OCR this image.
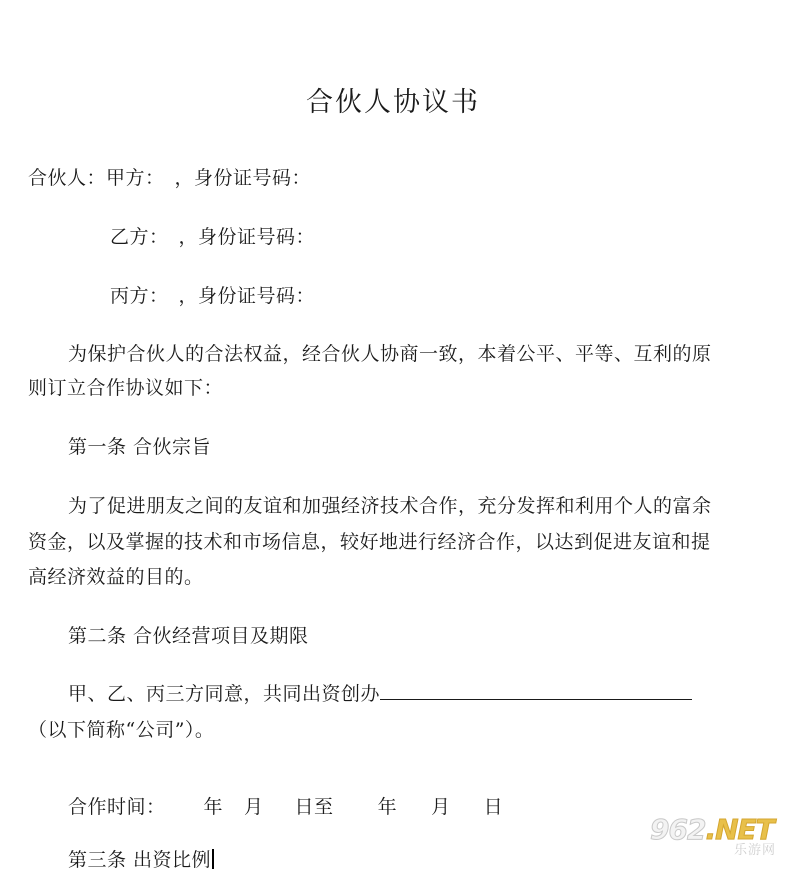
合伙人协议书
合伙人：甲方： ，身份证号码：
乙方： ，身份证号码：
丙方： ，身份证号码：
为保护合伙人的合法权益，经合伙人协商一致，本着公平、平等、互利的原
则订立合作协议如下：
第一条 合伙宗旨
为了促进朋友之间的友谊和加强经济技术合作，充分发挥和利用个人的富余
资金，以及掌握的技术和市场信息，较好地进行经济合作，以达到促进友谊和提
高经济效益的目的。
第二条 合伙经营项目及期限
甲、乙、丙三方同意，共同出资创办
（以下简称“公司”）。
合作时间： 年 月 日至 年 月 日
第三条 出资比例
962.NET
乐游网
